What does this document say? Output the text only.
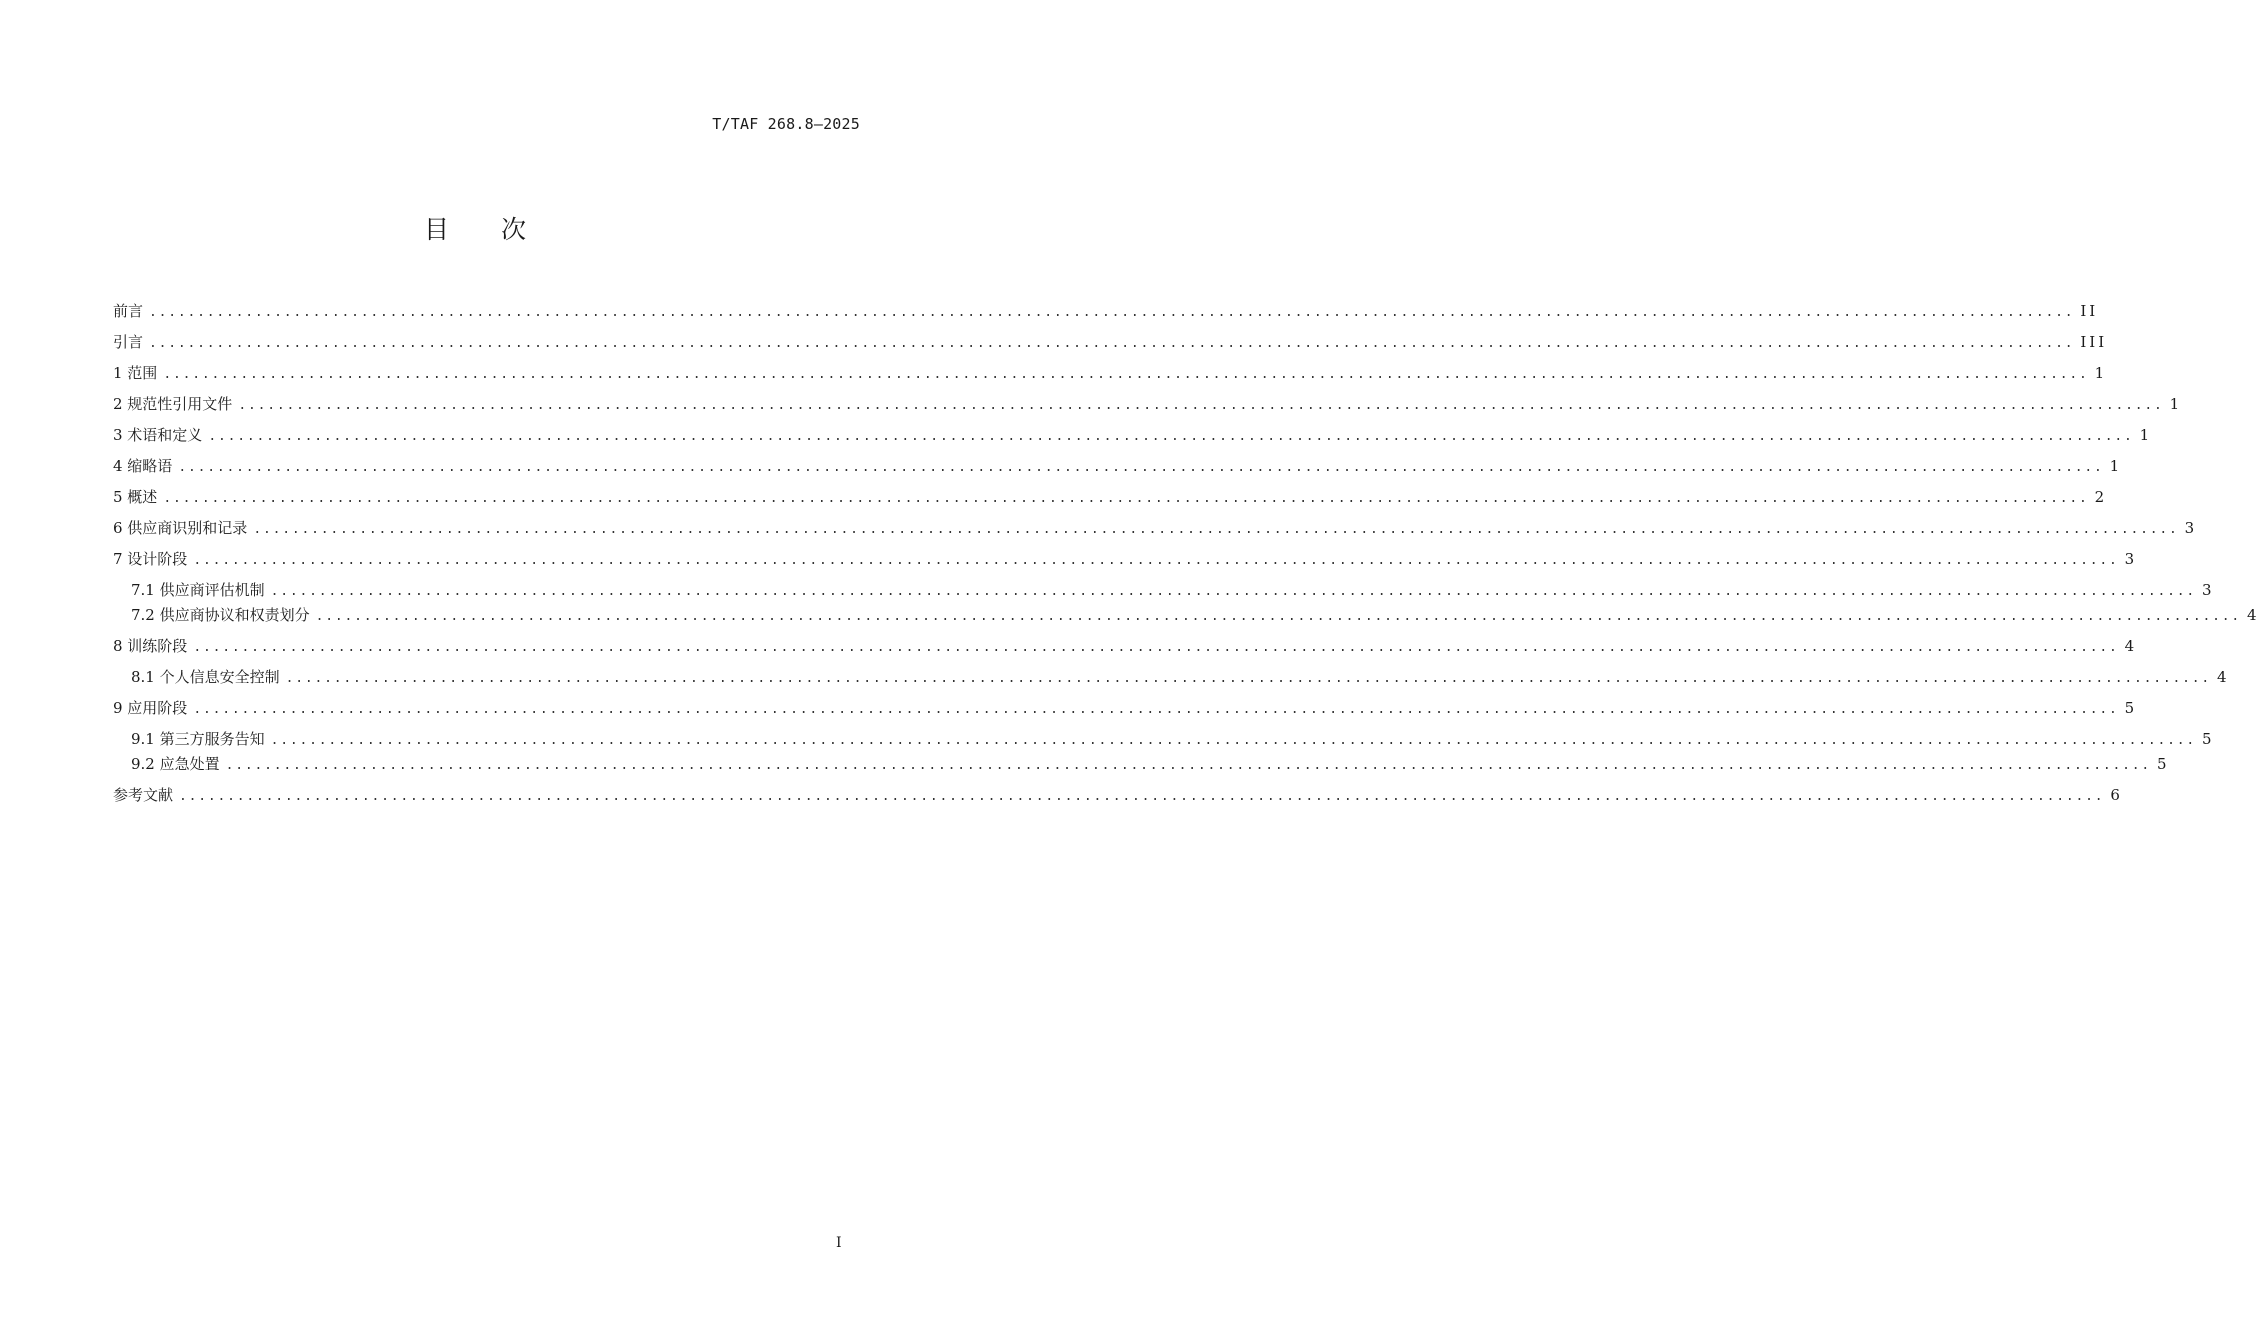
T/TAF 268.8—2025
目次
前言 ........................................................................................................................................................................................................ II
引言 ........................................................................................................................................................................................................ III
1 范围 ........................................................................................................................................................................................................ 1
2 规范性引用文件 ........................................................................................................................................................................................................ 1
3 术语和定义 ........................................................................................................................................................................................................ 1
4 缩略语 ........................................................................................................................................................................................................ 1
5 概述 ........................................................................................................................................................................................................ 2
6 供应商识别和记录 ........................................................................................................................................................................................................ 3
7 设计阶段 ........................................................................................................................................................................................................ 3
7.1 供应商评估机制 ........................................................................................................................................................................................................ 3
7.2 供应商协议和权责划分 ........................................................................................................................................................................................................ 4
8 训练阶段 ........................................................................................................................................................................................................ 4
8.1 个人信息安全控制 ........................................................................................................................................................................................................ 4
9 应用阶段 ........................................................................................................................................................................................................ 5
9.1 第三方服务告知 ........................................................................................................................................................................................................ 5
9.2 应急处置 ........................................................................................................................................................................................................ 5
参考文献 ........................................................................................................................................................................................................ 6
I
